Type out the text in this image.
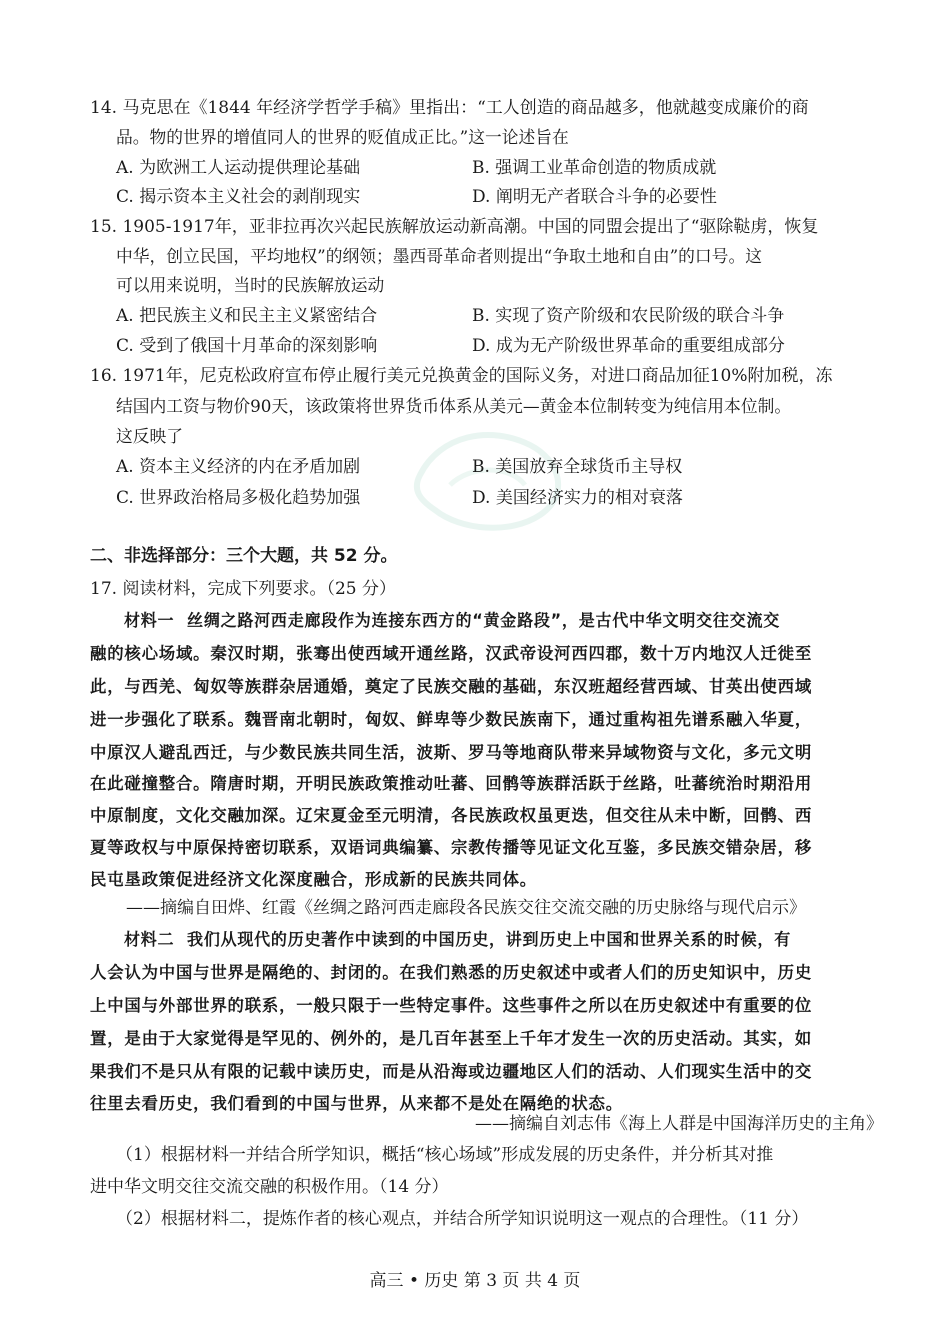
14. 马克思在《1844 年经济学哲学手稿》里指出：“工人创造的商品越多，他就越变成廉价的商
品。物的世界的增值同人的世界的贬值成正比。”这一论述旨在
A. 为欧洲工人运动提供理论基础	B. 强调工业革命创造的物质成就
C. 揭示资本主义社会的剥削现实	D. 阐明无产者联合斗争的必要性
15. 1905-1917年，亚非拉再次兴起民族解放运动新高潮。中国的同盟会提出了“驱除鞑虏，恢复
中华，创立民国，平均地权”的纲领；墨西哥革命者则提出“争取土地和自由”的口号。这
可以用来说明，当时的民族解放运动
A. 把民族主义和民主主义紧密结合	B. 实现了资产阶级和农民阶级的联合斗争
C. 受到了俄国十月革命的深刻影响	D. 成为无产阶级世界革命的重要组成部分
16. 1971年，尼克松政府宣布停止履行美元兑换黄金的国际义务，对进口商品加征10%附加税，冻
结国内工资与物价90天，该政策将世界货币体系从美元—黄金本位制转变为纯信用本位制。
这反映了
A. 资本主义经济的内在矛盾加剧	B. 美国放弃全球货币主导权
C. 世界政治格局多极化趋势加强	D. 美国经济实力的相对衰落
二、非选择部分：三个大题，共 52 分。
17. 阅读材料，完成下列要求。（25 分）
材料一 丝绸之路河西走廊段作为连接东西方的“黄金路段”，是古代中华文明交往交流交
融的核心场域。秦汉时期，张骞出使西域开通丝路，汉武帝设河西四郡，数十万内地汉人迁徙至
此，与西羌、匈奴等族群杂居通婚，奠定了民族交融的基础，东汉班超经营西域、甘英出使西域
进一步强化了联系。魏晋南北朝时，匈奴、鲜卑等少数民族南下，通过重构祖先谱系融入华夏，
中原汉人避乱西迁，与少数民族共同生活，波斯、罗马等地商队带来异域物资与文化，多元文明
在此碰撞整合。隋唐时期，开明民族政策推动吐蕃、回鹘等族群活跃于丝路，吐蕃统治时期沿用
中原制度，文化交融加深。辽宋夏金至元明清，各民族政权虽更迭，但交往从未中断，回鹘、西
夏等政权与中原保持密切联系，双语词典编纂、宗教传播等见证文化互鉴，多民族交错杂居，移
民屯垦政策促进经济文化深度融合，形成新的民族共同体。
——摘编自田烨、红霞《丝绸之路河西走廊段各民族交往交流交融的历史脉络与现代启示》
材料二 我们从现代的历史著作中读到的中国历史，讲到历史上中国和世界关系的时候，有
人会认为中国与世界是隔绝的、封闭的。在我们熟悉的历史叙述中或者人们的历史知识中，历史
上中国与外部世界的联系，一般只限于一些特定事件。这些事件之所以在历史叙述中有重要的位
置，是由于大家觉得是罕见的、例外的，是几百年甚至上千年才发生一次的历史活动。其实，如
果我们不是只从有限的记载中读历史，而是从沿海或边疆地区人们的活动、人们现实生活中的交
往里去看历史，我们看到的中国与世界，从来都不是处在隔绝的状态。
——摘编自刘志伟《海上人群是中国海洋历史的主角》
（1）根据材料一并结合所学知识，概括“核心场域”形成发展的历史条件，并分析其对推
进中华文明交往交流交融的积极作用。（14 分）
（2）根据材料二，提炼作者的核心观点，并结合所学知识说明这一观点的合理性。（11 分）
高三 • 历史 第 3 页 共 4 页
